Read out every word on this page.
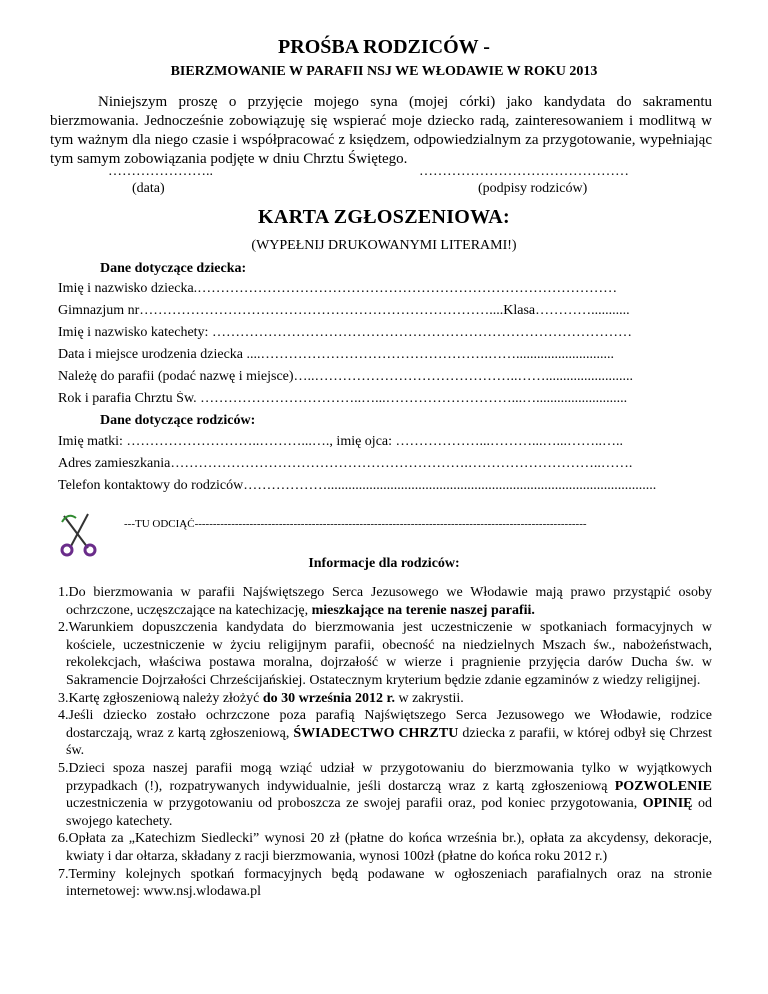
PROŚBA RODZICÓW -
BIERZMOWANIE W PARAFII NSJ WE WŁODAWIE W ROKU 2013
Niniejszym proszę o przyjęcie mojego syna (mojej córki) jako kandydata do sakramentu bierzmowania. Jednocześnie zobowiązuję się wspierać moje dziecko radą, zainteresowaniem i modlitwą w tym ważnym dla niego czasie i współpracować z księdzem, odpowiedzialnym za przygotowanie, wypełniając tym samym zobowiązania podjęte w dniu Chrztu Świętego.
…………………..	………………………………………
(data)	(podpisy rodziców)
KARTA ZGŁOSZENIOWA:
(WYPEŁNIJ DRUKOWANYMI LITERAMI!)
Dane dotyczące dziecka:
Imię i nazwisko dziecka.………………………………………………………………………………
Gimnazjum nr…………………………………………………………………....Klasa…………...........
Imię i nazwisko katechety: ………………………………………………………………………………
Data i miejsce urodzenia dziecka ....………………………………………….……............................
Należę do parafii (podać nazwę i miejsce)…..……………………………………..…….........................
Rok i parafia Chrztu Św. ……………………………..…...………………………...…..........................
Dane dotyczące rodziców:
Imię matki: ………………………..………...…., imię ojca: ………………...………...…...……..…..
Adres zamieszkania……………………………………………………….………………………..…….
Telefon kontaktowy do rodziców………………..............................................................................................
---TU ODCIĄĆ-----------------------------------------------------------------------------------------------------------
Informacje dla rodziców:

1.Do bierzmowania w parafii Najświętszego Serca Jezusowego we Włodawie mają prawo przystąpić osoby ochrzczone, uczęszczające na katechizację, mieszkające na terenie naszej parafii.

2.Warunkiem dopuszczenia kandydata do bierzmowania jest uczestniczenie w spotkaniach formacyjnych w kościele, uczestniczenie w życiu religijnym parafii, obecność na niedzielnych Mszach św., nabożeństwach, rekolekcjach, właściwa postawa moralna, dojrzałość w wierze i pragnienie przyjęcia darów Ducha św. w Sakramencie Dojrzałości Chrześcijańskiej. Ostatecznym kryterium będzie zdanie egzaminów z wiedzy religijnej.

3.Kartę zgłoszeniową należy złożyć do 30 września 2012 r. w zakrystii.

4.Jeśli dziecko zostało ochrzczone poza parafią Najświętszego Serca Jezusowego we Włodawie, rodzice dostarczają, wraz z kartą zgłoszeniową, ŚWIADECTWO CHRZTU dziecka z parafii, w której odbył się Chrzest św.

5.Dzieci spoza naszej parafii mogą wziąć udział w przygotowaniu do bierzmowania tylko w wyjątkowych przypadkach (!), rozpatrywanych indywidualnie, jeśli dostarczą wraz z kartą zgłoszeniową POZWOLENIE uczestniczenia w przygotowaniu od proboszcza ze swojej parafii oraz, pod koniec przygotowania, OPINIĘ od swojego katechety.

6.Opłata za „Katechizm Siedlecki” wynosi 20 zł (płatne do końca września br.), opłata za akcydensy, dekoracje, kwiaty i dar ołtarza, składany z racji bierzmowania, wynosi 100zł (płatne do końca roku 2012 r.)

7.Terminy kolejnych spotkań formacyjnych będą podawane w ogłoszeniach parafialnych oraz na stronie internetowej: www.nsj.wlodawa.pl
